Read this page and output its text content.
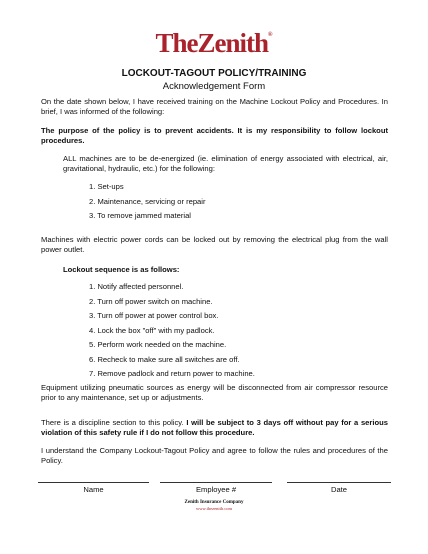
TheZenith®
LOCKOUT-TAGOUT POLICY/TRAINING
Acknowledgement Form

On the date shown below, I have received training on the Machine Lockout Policy and Procedures. In brief, I was informed of the following:

The purpose of the policy is to prevent accidents. It is my responsibility to follow lockout procedures.

ALL machines are to be de-energized (ie. elimination of energy associated with electrical, air, gravitational, hydraulic, etc.) for the following:

1. Set-ups
2. Maintenance, servicing or repair
3. To remove jammed material

Machines with electric power cords can be locked out by removing the electrical plug from the wall power outlet.

Lockout sequence is as follows:

1. Notify affected personnel.
2. Turn off power switch on machine.
3. Turn off power at power control box.
4. Lock the box "off" with my padlock.
5. Perform work needed on the machine.
6. Recheck to make sure all switches are off.
7. Remove padlock and return power to machine.

Equipment utilizing pneumatic sources as energy will be disconnected from air compressor resource prior to any maintenance, set up or adjustments.

There is a discipline section to this policy. I will be subject to 3 days off without pay for a serious violation of this safety rule if I do not follow this procedure.

I understand the Company Lockout-Tagout Policy and agree to follow the rules and procedures of the Policy.

Name	Employee #	Date
Zenith Insurance Company
www.thezenith.com
